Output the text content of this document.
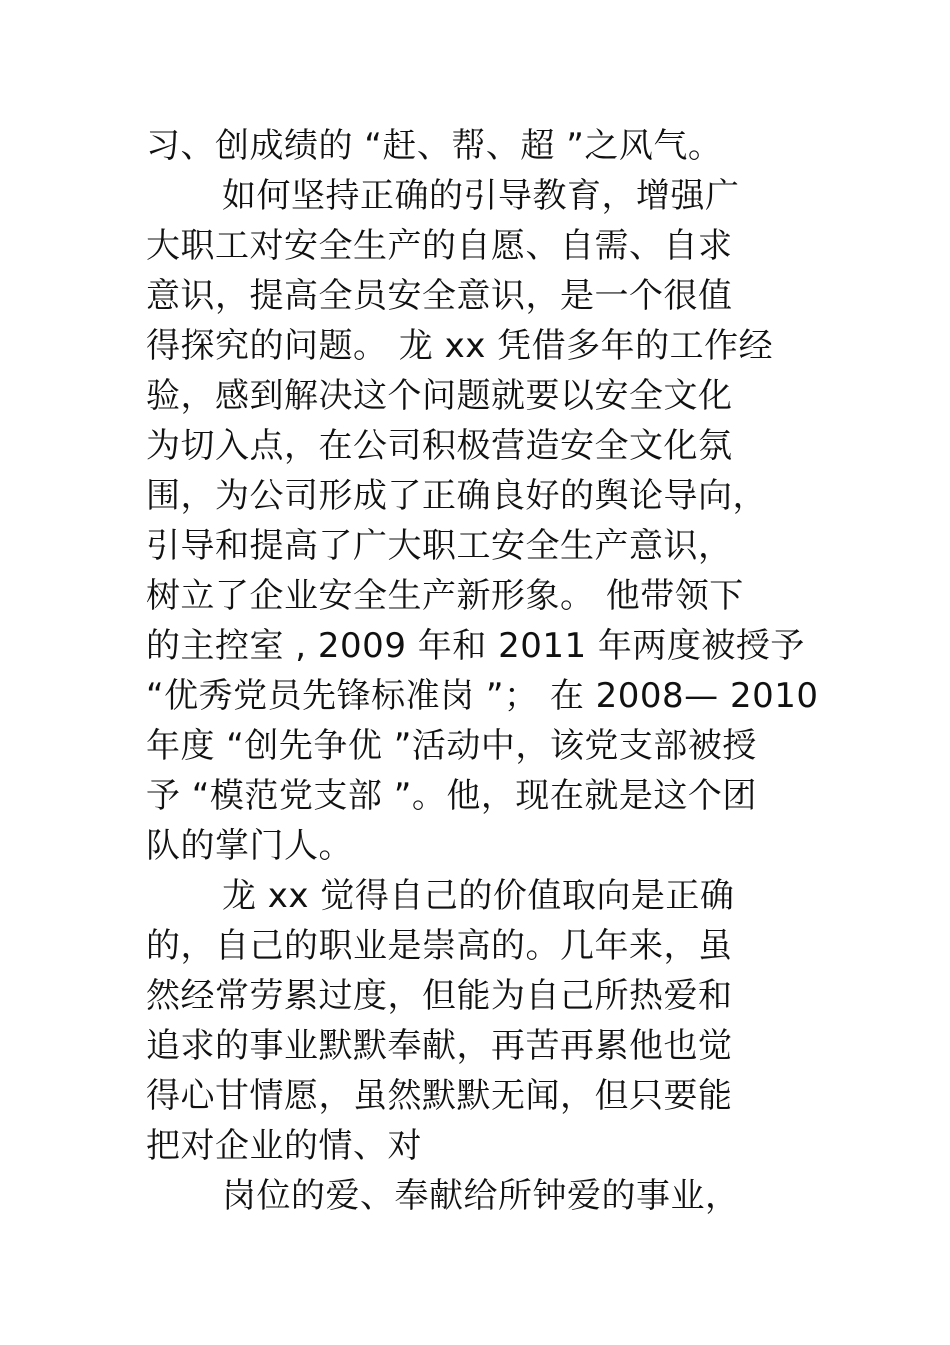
习、创成绩的 “赶、帮、超 ”之风气。
如何坚持正确的引导教育，增强广
大职工对安全生产的自愿、自需、自求
意识，提高全员安全意识，是一个很值
得探究的问题。 龙 xx 凭借多年的工作经
验，感到解决这个问题就要以安全文化
为切入点，在公司积极营造安全文化氛
围，为公司形成了正确良好的舆论导向，
引导和提高了广大职工安全生产意识，
树立了企业安全生产新形象。 他带领下
的主控室 , 2009 年和 2011 年两度被授予
“优秀党员先锋标准岗 ”； 在 2008— 2010
年度 “创先争优 ”活动中，该党支部被授
予 “模范党支部 ”。他，现在就是这个团
队的掌门人。
龙 xx 觉得自己的价值取向是正确
的，自己的职业是崇高的。几年来，虽
然经常劳累过度，但能为自己所热爱和
追求的事业默默奉献，再苦再累他也觉
得心甘情愿，虽然默默无闻，但只要能
把对企业的情、对
岗位的爱、奉献给所钟爱的事业，
